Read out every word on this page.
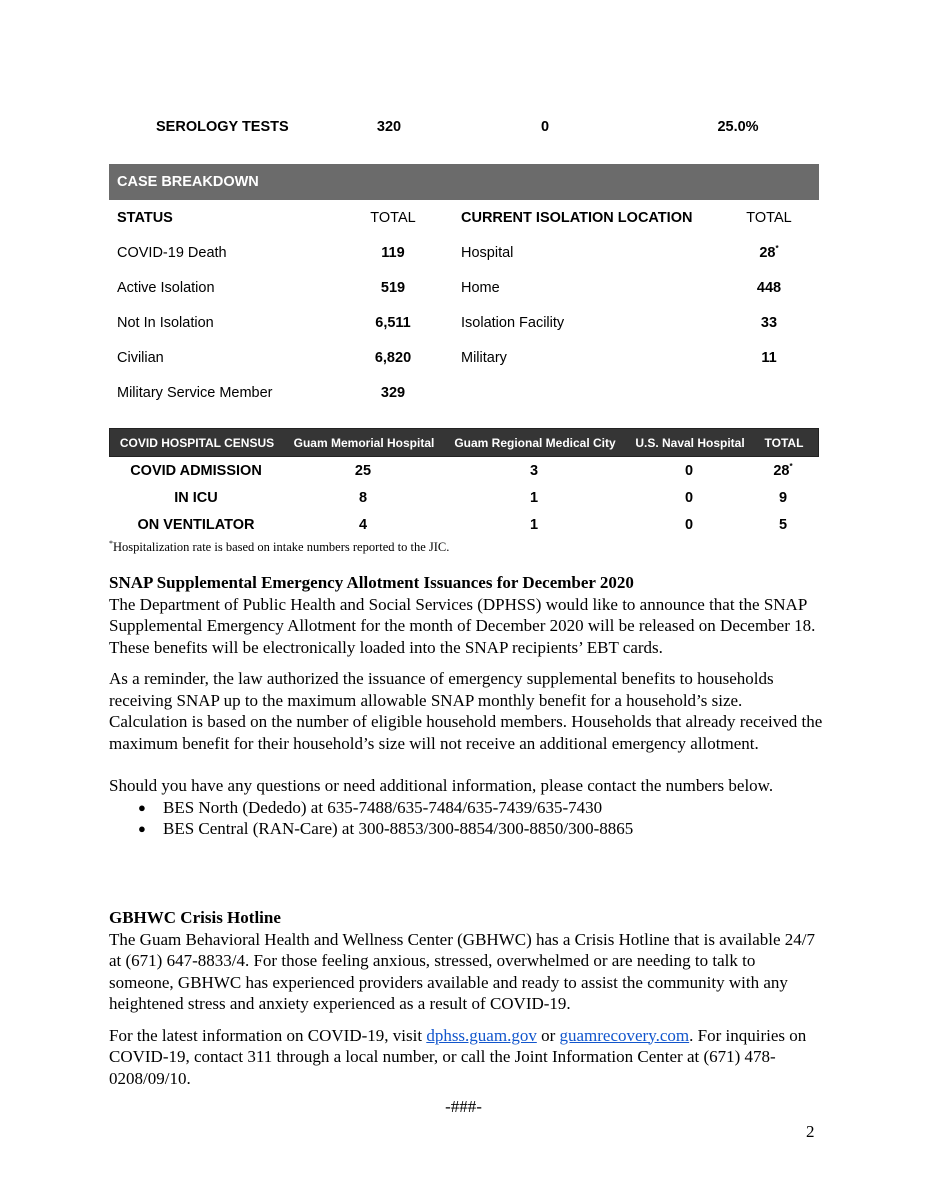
SEROLOGY TESTS	320	0	25.0%
CASE BREAKDOWN
STATUS	TOTAL	CURRENT ISOLATION LOCATION	TOTAL
COVID-19 Death	119	Hospital	28*
Active Isolation	519	Home	448
Not In Isolation	6,511	Isolation Facility	33
Civilian	6,820	Military	11
Military Service Member	329
COVID HOSPITAL CENSUS	Guam Memorial Hospital	Guam Regional Medical City	U.S. Naval Hospital	TOTAL
COVID ADMISSION	25	3	0	28*
IN ICU	8	1	0	9
ON VENTILATOR	4	1	0	5
*Hospitalization rate is based on intake numbers reported to the JIC.

SNAP Supplemental Emergency Allotment Issuances for December 2020

The Department of Public Health and Social Services (DPHSS) would like to announce that the SNAP Supplemental Emergency Allotment for the month of December 2020 will be released on December 18. These benefits will be electronically loaded into the SNAP recipients’ EBT cards.

As a reminder, the law authorized the issuance of emergency supplemental benefits to households receiving SNAP up to the maximum allowable SNAP monthly benefit for a household’s size. Calculation is based on the number of eligible household members. Households that already received the maximum benefit for their household’s size will not receive an additional emergency allotment.

Should you have any questions or need additional information, please contact the numbers below.

● BES North (Dededo) at 635-7488/635-7484/635-7439/635-7430
● BES Central (RAN-Care) at 300-8853/300-8854/300-8850/300-8865

GBHWC Crisis Hotline

The Guam Behavioral Health and Wellness Center (GBHWC) has a Crisis Hotline that is available 24/7 at (671) 647-8833/4. For those feeling anxious, stressed, overwhelmed or are needing to talk to someone, GBHWC has experienced providers available and ready to assist the community with any heightened stress and anxiety experienced as a result of COVID-19.

For the latest information on COVID-19, visit dphss.guam.gov or guamrecovery.com. For inquiries on COVID-19, contact 311 through a local number, or call the Joint Information Center at (671) 478-0208/09/10.

-###-
2
